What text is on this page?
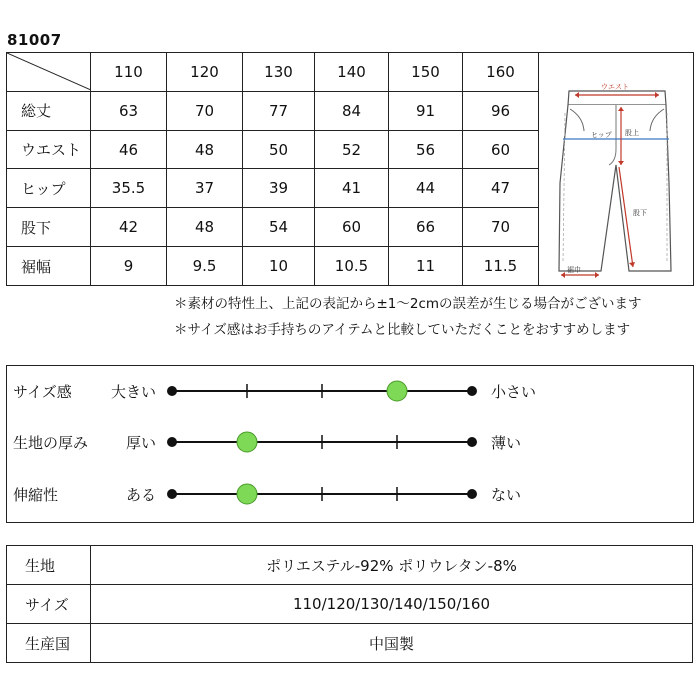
81007
	110	120	130	140	150	160	ウエスト
ヒップ 股上
股下
裾巾

総丈	63	70	77	84	91	96	
ウエスト	46	48	50	52	56	60	
ヒップ	35.5	37	39	41	44	47	
股下	42	48	54	60	66	70	
裾幅	9	9.5	10	10.5	11	11.5	
＊素材の特性上、上記の表記から±1～2cmの誤差が生じる場合がございます
＊サイズ感はお手持ちのアイテムと比較していただくことをおすすめします
サイズ感	大きい	小さい
生地の厚み	厚い	薄い
伸縮性	ある	ない
生地	ポリエステル-92% ポリウレタン-8%
サイズ	110/120/130/140/150/160
生産国	中国製
